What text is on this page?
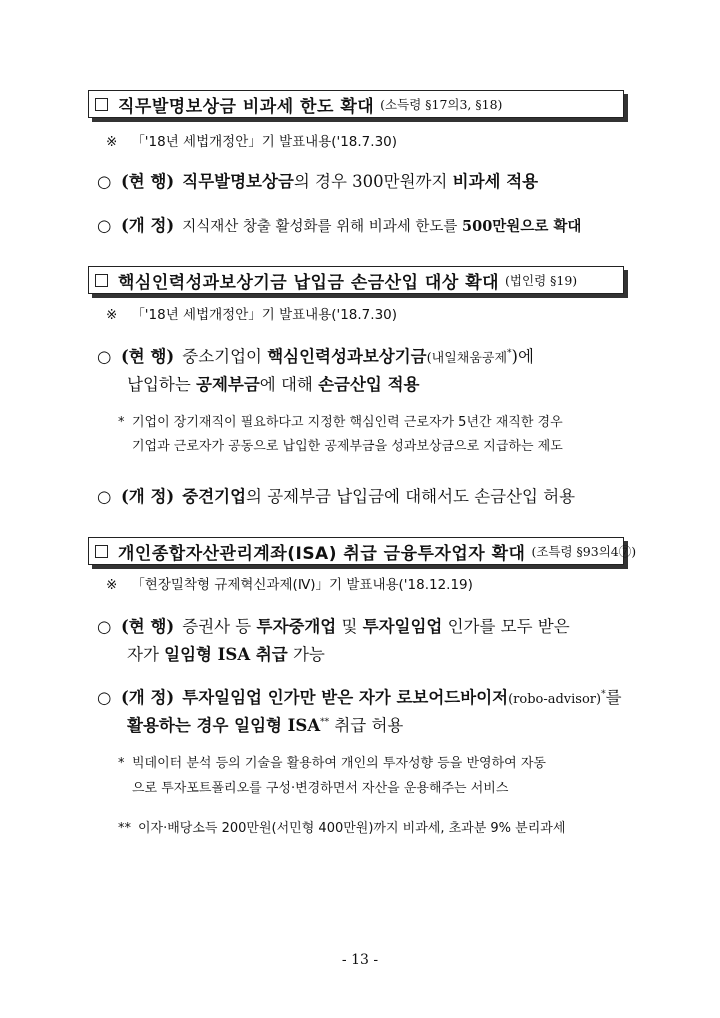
직무발명보상금 비과세 한도 확대 (소득령 §17의3, §18)
※ 「'18년 세법개정안」기 발표내용('18.7.30)
○ (현 행) 직무발명보상금의 경우 300만원까지 비과세 적용
○ (개 정) 지식재산 창출 활성화를 위해 비과세 한도를 500만원으로 확대
핵심인력성과보상기금 납입금 손금산입 대상 확대 (법인령 §19)
※ 「'18년 세법개정안」기 발표내용('18.7.30)
○ (현 행) 중소기업이 핵심인력성과보상기금(내일채움공제*)에
납입하는 공제부금에 대해 손금산입 적용
* 기업이 장기재직이 필요하다고 지정한 핵심인력 근로자가 5년간 재직한 경우
기업과 근로자가 공동으로 납입한 공제부금을 성과보상금으로 지급하는 제도
○ (개 정) 중견기업의 공제부금 납입금에 대해서도 손금산입 허용
개인종합자산관리계좌(ISA) 취급 금융투자업자 확대 (조특령 §93의4⑦)
※ 「현장밀착형 규제혁신과제(Ⅳ)」기 발표내용('18.12.19)
○ (현 행) 증권사 등 투자중개업 및 투자일임업 인가를 모두 받은
자가 일임형 ISA 취급 가능
○ (개 정) 투자일임업 인가만 받은 자가 로보어드바이저(robo-advisor)*를
활용하는 경우 일임형 ISA** 취급 허용
* 빅데이터 분석 등의 기술을 활용하여 개인의 투자성향 등을 반영하여 자동
으로 투자포트폴리오를 구성·변경하면서 자산을 운용해주는 서비스
** 이자·배당소득 200만원(서민형 400만원)까지 비과세, 초과분 9% 분리과세
- 13 -
